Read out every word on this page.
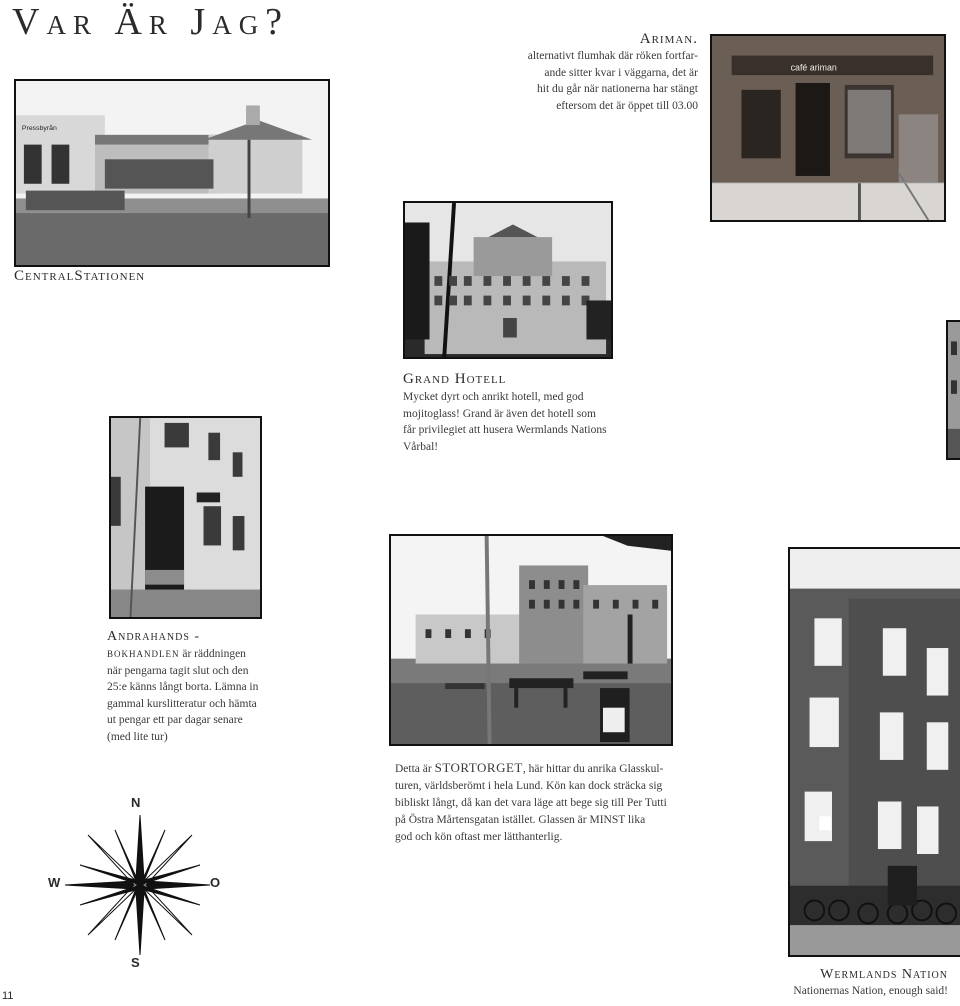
Var Är Jag?	Ariman.
alternativt flumhak där röken fortfar-
ande sitter kvar i väggarna, det är
hit du går när nationerna har stängt
eftersom det är öppet till 03.00
café ariman
Pressbyrån
CentralStationen
Grand Hotell
Mycket dyrt och anrikt hotell, med god
mojitoglass! Grand är även det hotell som
får privilegiet att husera Wermlands Nations
Vårbal!
Andrahands -
bokhandlen är räddningen
när pengarna tagit slut och den
25:e känns långt borta. Lämna in
gammal kurslitteratur och hämta
ut pengar ett par dagar senare
(med lite tur)
Detta är STORTORGET, här hittar du anrika Glasskul-
turen, världsberömt i hela Lund. Kön kan dock sträcka sig
bibliskt långt, då kan det vara läge att bege sig till Per Tutti
på Östra Mårtensgatan istället. Glassen är MINST lika
god och kön oftast mer lätthanterlig.
Wermlands Nation
Nationernas Nation, enough said!
N
S
W	O
11
